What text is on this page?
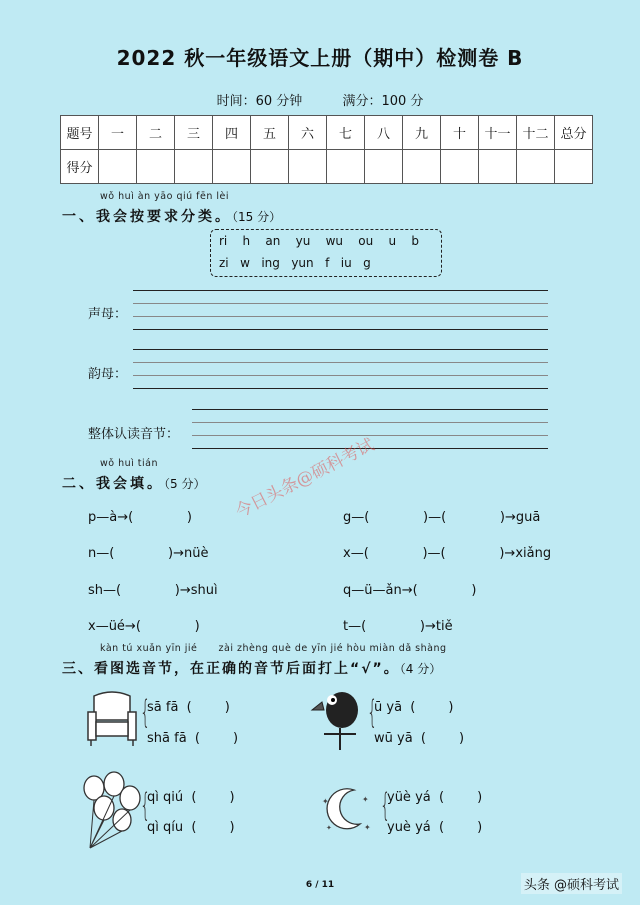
2022 秋一年级语文上册（期中）检测卷 B
时间：60 分钟	满分：100 分
题号	一	二	三	四	五	六	七	八	九	十	十一	十二	总分
得分													
wǒ huì àn yāo qiú fēn lèi
一、我会按要求分类。（15 分）
ri    h    an    yu    wu    ou    u    b
zi   w   ing   yun   f   iu   g
声母：
韵母：
整体认读音节：
wǒ huì tián
二、我会填。（5 分） 今日头条@硕科考试
p—à→(             )	g—(             )—(             )→guā
n—(             )→nüè	x—(             )—(             )→xiǎng
sh—(             )→shuì	q—ü—ǎn→(             )
x—üé→(             )	t—(             )→tiě
kàn tú xuǎn yīn jié      zài zhèng què de yīn jié hòu miàn dǎ shàng
三、看图选音节，在正确的音节后面打上“√”。（4 分）
{
sā fā  (        )
shā fā  (        )
{
ū yā  (        )
wū yā  (        )
{
qì qiú  (        )
qì qíu  (        )
✦	✦
✦
✦
{
yüè yá  (        )
yuè yá  (        )
6 / 11	头条 @硕科考试
